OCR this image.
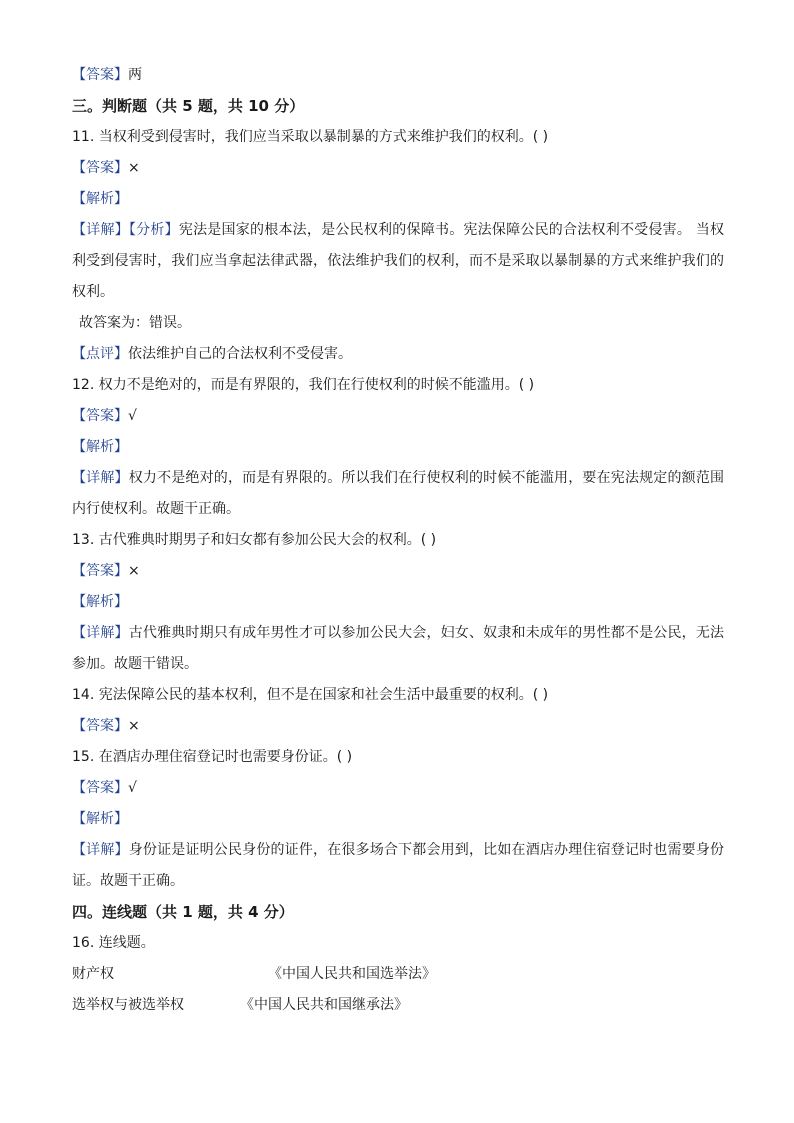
【答案】两
三。判断题（共 5 题，共 10 分）
11. 当权利受到侵害时，我们应当采取以暴制暴的方式来维护我们的权利。( )
【答案】×
【解析】
【详解】【分析】宪法是国家的根本法，是公民权利的保障书。宪法保障公民的合法权利不受侵害。 当权利受到侵害时，我们应当拿起法律武器，依法维护我们的权利，而不是采取以暴制暴的方式来维护我们的权利。
故答案为：错误。
【点评】依法维护自己的合法权利不受侵害。
12. 权力不是绝对的，而是有界限的，我们在行使权利的时候不能滥用。( )
【答案】√
【解析】
【详解】权力不是绝对的，而是有界限的。所以我们在行使权利的时候不能滥用，要在宪法规定的额范围内行使权利。故题干正确。
13. 古代雅典时期男子和妇女都有参加公民大会的权利。( )
【答案】×
【解析】
【详解】古代雅典时期只有成年男性才可以参加公民大会，妇女、奴隶和未成年的男性都不是公民，无法参加。故题干错误。
14. 宪法保障公民的基本权利，但不是在国家和社会生活中最重要的权利。( )
【答案】×
15. 在酒店办理住宿登记时也需要身份证。( )
【答案】√
【解析】
【详解】身份证是证明公民身份的证件，在很多场合下都会用到，比如在酒店办理住宿登记时也需要身份证。故题干正确。
四。连线题（共 1 题，共 4 分）
16. 连线题。
财产权	《中国人民共和国选举法》
选举权与被选举权	《中国人民共和国继承法》
